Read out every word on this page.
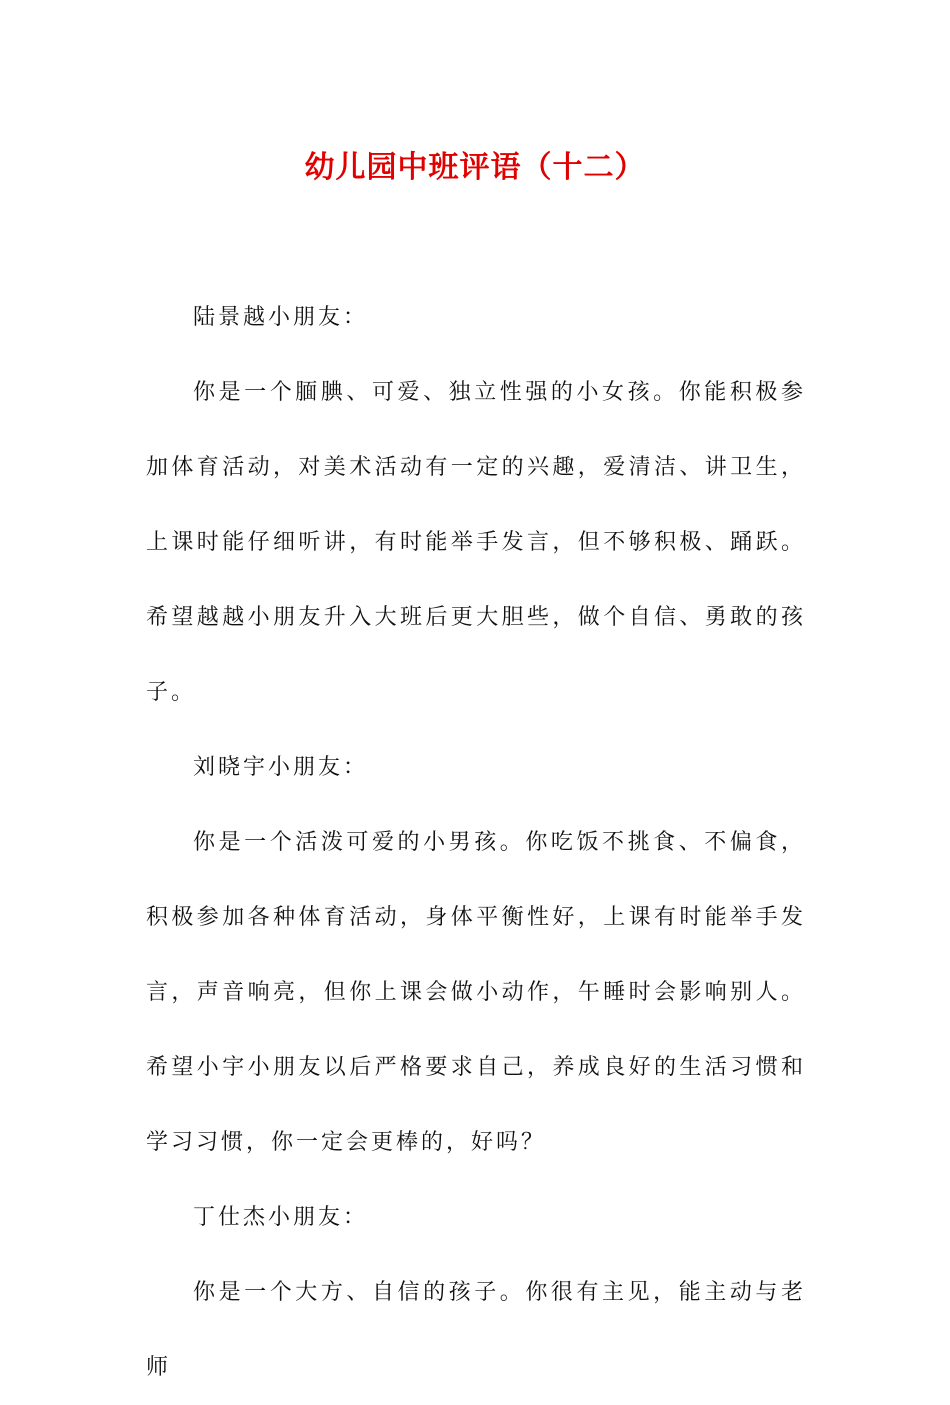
幼儿园中班评语（十二）

陆景越小朋友：

你是一个腼腆、可爱、独立性强的小女孩。你能积极参加体育活动，对美术活动有一定的兴趣，爱清洁、讲卫生，上课时能仔细听讲，有时能举手发言，但不够积极、踊跃。希望越越小朋友升入大班后更大胆些，做个自信、勇敢的孩子。

刘晓宇小朋友：

你是一个活泼可爱的小男孩。你吃饭不挑食、不偏食，积极参加各种体育活动，身体平衡性好，上课有时能举手发言，声音响亮，但你上课会做小动作，午睡时会影响别人。希望小宇小朋友以后严格要求自己，养成良好的生活习惯和学习习惯，你一定会更棒的，好吗？

丁仕杰小朋友：

你是一个大方、自信的孩子。你很有主见，能主动与老师
